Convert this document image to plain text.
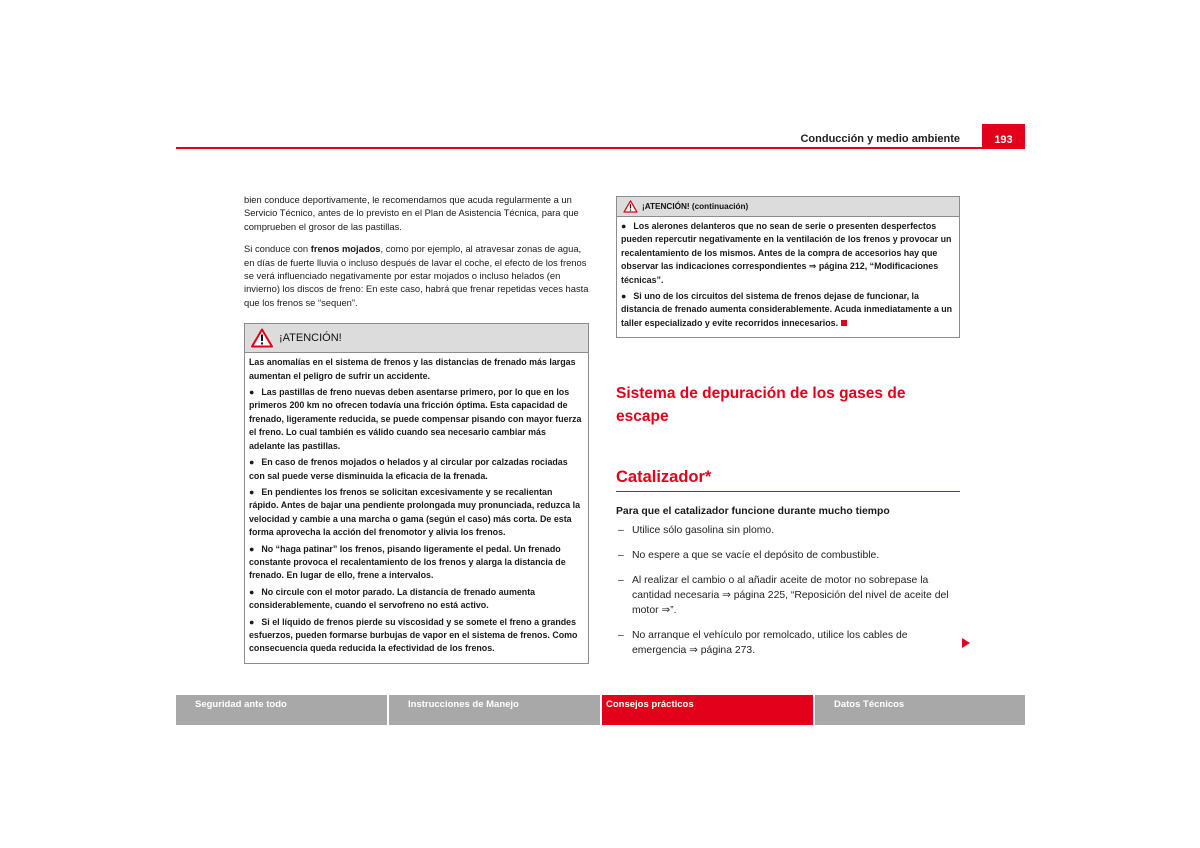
Conducción y medio ambiente	193

bien conduce deportivamente, le recomendamos que acuda regularmente a un Servicio Técnico, antes de lo previsto en el Plan de Asistencia Técnica, para que comprueben el grosor de las pastillas.

Si conduce con frenos mojados, como por ejemplo, al atravesar zonas de agua, en días de fuerte lluvia o incluso después de lavar el coche, el efecto de los frenos se verá influenciado negativamente por estar mojados o incluso helados (en invierno) los discos de freno: En este caso, habrá que frenar repetidas veces hasta que los frenos se “sequen”.

¡ATENCIÓN!

Las anomalías en el sistema de frenos y las distancias de frenado más largas aumentan el peligro de sufrir un accidente.

● Las pastillas de freno nuevas deben asentarse primero, por lo que en los primeros 200 km no ofrecen todavía una fricción óptima. Esta capacidad de frenado, ligeramente reducida, se puede compensar pisando con mayor fuerza el freno. Lo cual también es válido cuando sea necesario cambiar más adelante las pastillas.

● En caso de frenos mojados o helados y al circular por calzadas rociadas con sal puede verse disminuida la eficacia de la frenada.

● En pendientes los frenos se solicitan excesivamente y se recalientan rápido. Antes de bajar una pendiente prolongada muy pronunciada, reduzca la velocidad y cambie a una marcha o gama (según el caso) más corta. De esta forma aprovecha la acción del frenomotor y alivia los frenos.

● No “haga patinar” los frenos, pisando ligeramente el pedal. Un frenado constante provoca el recalentamiento de los frenos y alarga la distancia de frenado. En lugar de ello, frene a intervalos.

● No circule con el motor parado. La distancia de frenado aumenta considerablemente, cuando el servofreno no está activo.

● Si el líquido de frenos pierde su viscosidad y se somete el freno a grandes esfuerzos, pueden formarse burbujas de vapor en el sistema de frenos. Como consecuencia queda reducida la efectividad de los frenos.

¡ATENCIÓN! (continuación)

● Los alerones delanteros que no sean de serie o presenten desperfectos pueden repercutir negativamente en la ventilación de los frenos y provocar un recalentamiento de los mismos. Antes de la compra de accesorios hay que observar las indicaciones correspondientes ⇒ página 212, “Modificaciones técnicas”.

● Si uno de los circuitos del sistema de frenos dejase de funcionar, la distancia de frenado aumenta considerablemente. Acuda inmediatamente a un taller especializado y evite recorridos innecesarios.

Sistema de depuración de los gases de escape
Catalizador*
Para que el catalizador funcione durante mucho tiempo
– Utilice sólo gasolina sin plomo.
– No espere a que se vacíe el depósito de combustible.
– Al realizar el cambio o al añadir aceite de motor no sobrepase la cantidad necesaria ⇒ página 225, “Reposición del nivel de aceite del motor ⇒”.
– No arranque el vehículo por remolcado, utilice los cables de emergencia ⇒ página 273.
Seguridad ante todo	Instrucciones de Manejo	Consejos prácticos	Datos Técnicos
